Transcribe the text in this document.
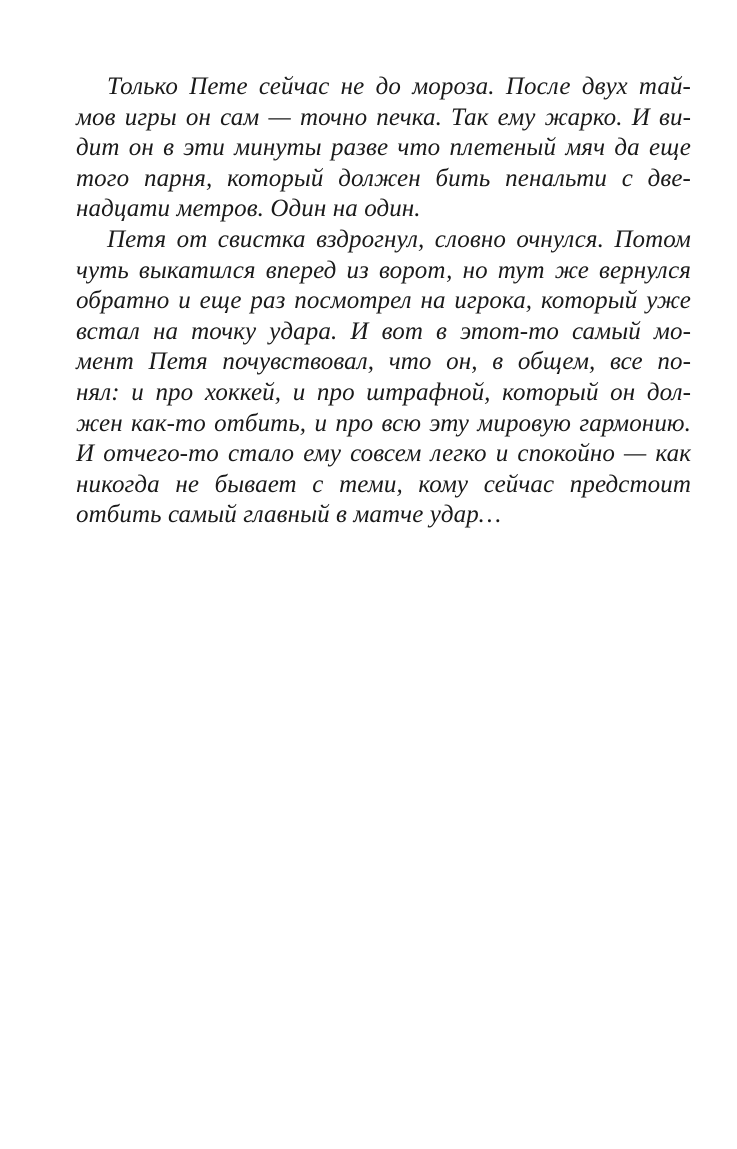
Только Пете сейчас не до мороза. После двух тай-
мов игры он сам — точно печка. Так ему жарко. И ви-
дит он в эти минуты разве что плетеный мяч да еще
того парня, который должен бить пенальти с две-
надцати метров. Один на один.
Петя от свистка вздрогнул, словно очнулся. Потом
чуть выкатился вперед из ворот, но тут же вернулся
обратно и еще раз посмотрел на игрока, который уже
встал на точку удара. И вот в этот-то самый мо-
мент Петя почувствовал, что он, в общем, все по-
нял: и про хоккей, и про штрафной, который он дол-
жен как-то отбить, и про всю эту мировую гармонию.
И отчего-то стало ему совсем легко и спокойно — как
никогда не бывает с теми, кому сейчас предстоит
отбить самый главный в матче удар…
